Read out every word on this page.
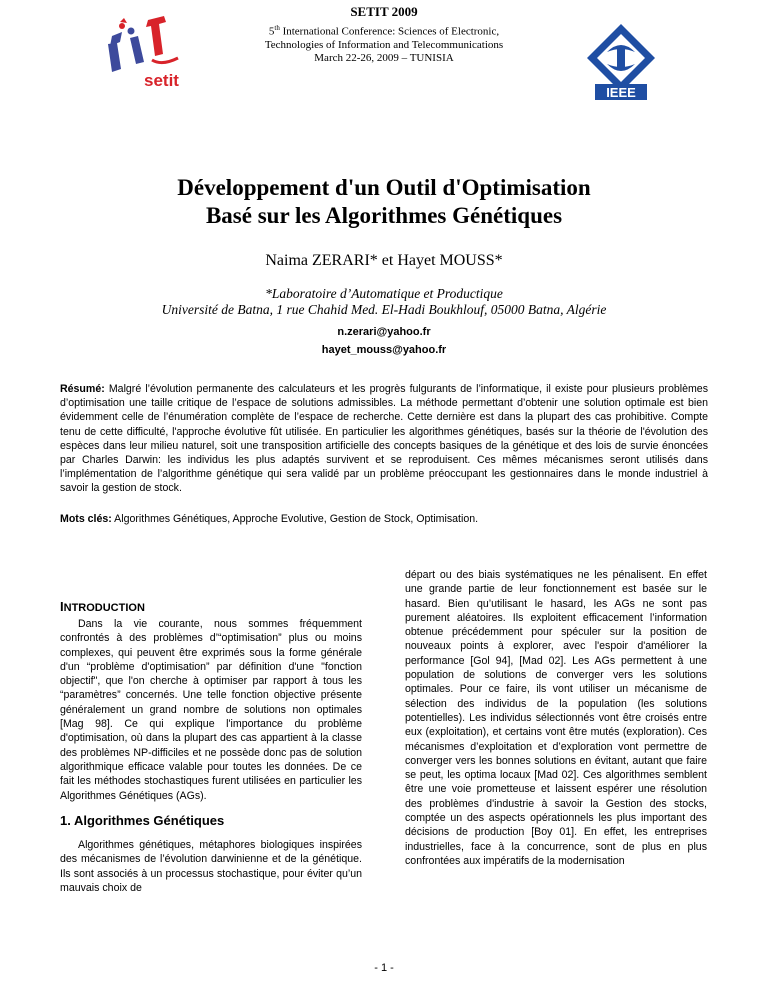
SETIT 2009
5th International Conference: Sciences of Electronic,
Technologies of Information and Telecommunications
March 22-26, 2009 – TUNISIA
setit
IEEE
Développement d'un Outil d'Optimisation
Basé sur les Algorithmes Génétiques
Naima ZERARI* et Hayet MOUSS*
*Laboratoire d’Automatique et Productique
Université de Batna, 1 rue Chahid Med. El-Hadi Boukhlouf, 05000 Batna, Algérie
n.zerari@yahoo.fr
hayet_mouss@yahoo.fr
Résumé: Malgré l’évolution permanente des calculateurs et les progrès fulgurants de l’informatique, il existe pour plusieurs problèmes d’optimisation une taille critique de l’espace de solutions admissibles. La méthode permettant d’obtenir une solution optimale est bien évidemment celle de l’énumération complète de l’espace de recherche. Cette dernière est dans la plupart des cas prohibitive. Compte tenu de cette difficulté, l'approche évolutive fût utilisée. En particulier les algorithmes génétiques, basés sur la théorie de l'évolution des espèces dans leur milieu naturel, soit une transposition artificielle des concepts basiques de la génétique et des lois de survie énoncées par Charles Darwin: les individus les plus adaptés survivent et se reproduisent. Ces mêmes mécanismes seront utilisés dans l’implémentation de l’algorithme génétique qui sera validé par un problème préoccupant les gestionnaires dans le monde industriel à savoir la gestion de stock.
Mots clés: Algorithmes Génétiques, Approche Evolutive, Gestion de Stock, Optimisation.
INTRODUCTION
Dans la vie courante, nous sommes fréquemment confrontés à des problèmes d’“optimisation” plus ou moins complexes, qui peuvent être exprimés sous la forme générale d'un “problème d'optimisation” par définition d'une "fonction objectif", que l'on cherche à optimiser par rapport à tous les “paramètres” concernés. Une telle fonction objective présente généralement un grand nombre de solutions non optimales [Mag 98]. Ce qui explique l'importance du problème d'optimisation, où dans la plupart des cas appartient à la classe des problèmes NP-difficiles et ne possède donc pas de solution algorithmique efficace valable pour toutes les données. De ce fait les méthodes stochastiques furent utilisées en particulier les Algorithmes Génétiques (AGs).
1. Algorithmes Génétiques
Algorithmes génétiques, métaphores biologiques inspirées des mécanismes de l’évolution darwinienne et de la génétique. Ils sont associés à un processus stochastique, pour éviter qu’un mauvais choix de
départ ou des biais systématiques ne les pénalisent. En effet une grande partie de leur fonctionnement est basée sur le hasard. Bien qu’utilisant le hasard, les AGs ne sont pas purement aléatoires. Ils exploitent efficacement l’information obtenue précédemment pour spéculer sur la position de nouveaux points à explorer, avec l'espoir d'améliorer la performance [Gol 94], [Mad 02]. Les AGs permettent à une population de solutions de converger vers les solutions optimales. Pour ce faire, ils vont utiliser un mécanisme de sélection des individus de la population (les solutions potentielles). Les individus sélectionnés vont être croisés entre eux (exploitation), et certains vont être mutés (exploration). Ces mécanismes d’exploitation et d’exploration vont permettre de converger vers les bonnes solutions en évitant, autant que faire se peut, les optima locaux [Mad 02]. Ces algorithmes semblent être une voie prometteuse et laissent espérer une résolution des problèmes d'industrie à savoir la Gestion des stocks, comptée un des aspects opérationnels les plus important des décisions de production [Boy 01]. En effet, les entreprises industrielles, face à la concurrence, sont de plus en plus confrontées aux impératifs de la modernisation
- 1 -
